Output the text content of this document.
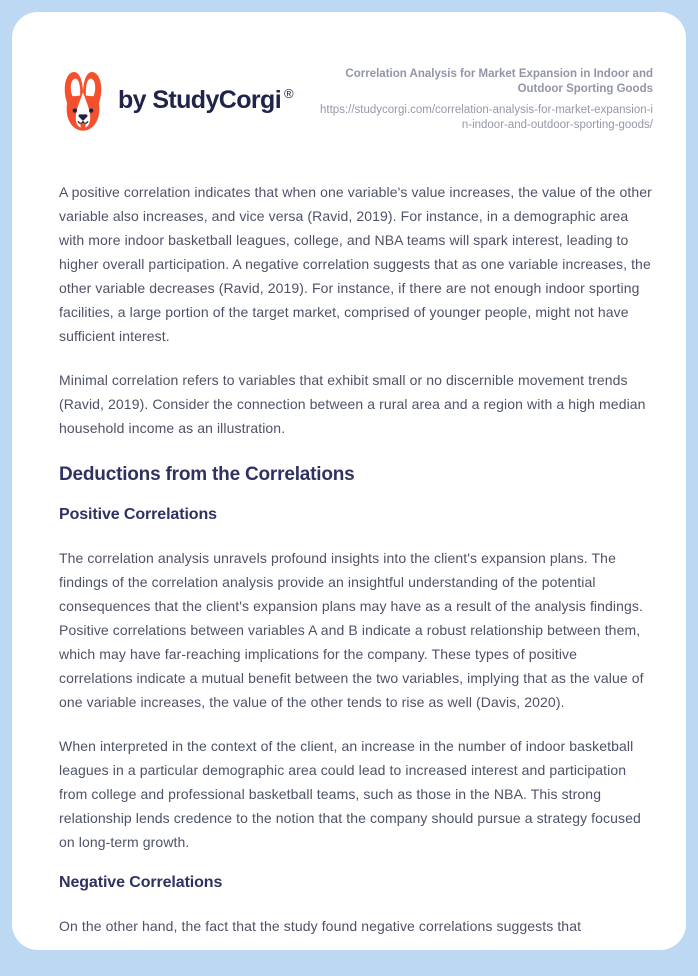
by StudyCorgi ®

Correlation Analysis for Market Expansion in Indoor and Outdoor Sporting Goods

https://studycorgi.com/correlation-analysis-for-market-expansion-in-indoor-and-outdoor-sporting-goods/

A positive correlation indicates that when one variable's value increases, the value of the other variable also increases, and vice versa (Ravid, 2019). For instance, in a demographic area with more indoor basketball leagues, college, and NBA teams will spark interest, leading to higher overall participation. A negative correlation suggests that as one variable increases, the other variable decreases (Ravid, 2019). For instance, if there are not enough indoor sporting facilities, a large portion of the target market, comprised of younger people, might not have sufficient interest.

Minimal correlation refers to variables that exhibit small or no discernible movement trends (Ravid, 2019). Consider the connection between a rural area and a region with a high median household income as an illustration.

Deductions from the Correlations
Positive Correlations

The correlation analysis unravels profound insights into the client's expansion plans. The findings of the correlation analysis provide an insightful understanding of the potential consequences that the client's expansion plans may have as a result of the analysis findings. Positive correlations between variables A and B indicate a robust relationship between them, which may have far-reaching implications for the company. These types of positive correlations indicate a mutual benefit between the two variables, implying that as the value of one variable increases, the value of the other tends to rise as well (Davis, 2020).

When interpreted in the context of the client, an increase in the number of indoor basketball leagues in a particular demographic area could lead to increased interest and participation from college and professional basketball teams, such as those in the NBA. This strong relationship lends credence to the notion that the company should pursue a strategy focused on long-term growth.

Negative Correlations

On the other hand, the fact that the study found negative correlations suggests that
